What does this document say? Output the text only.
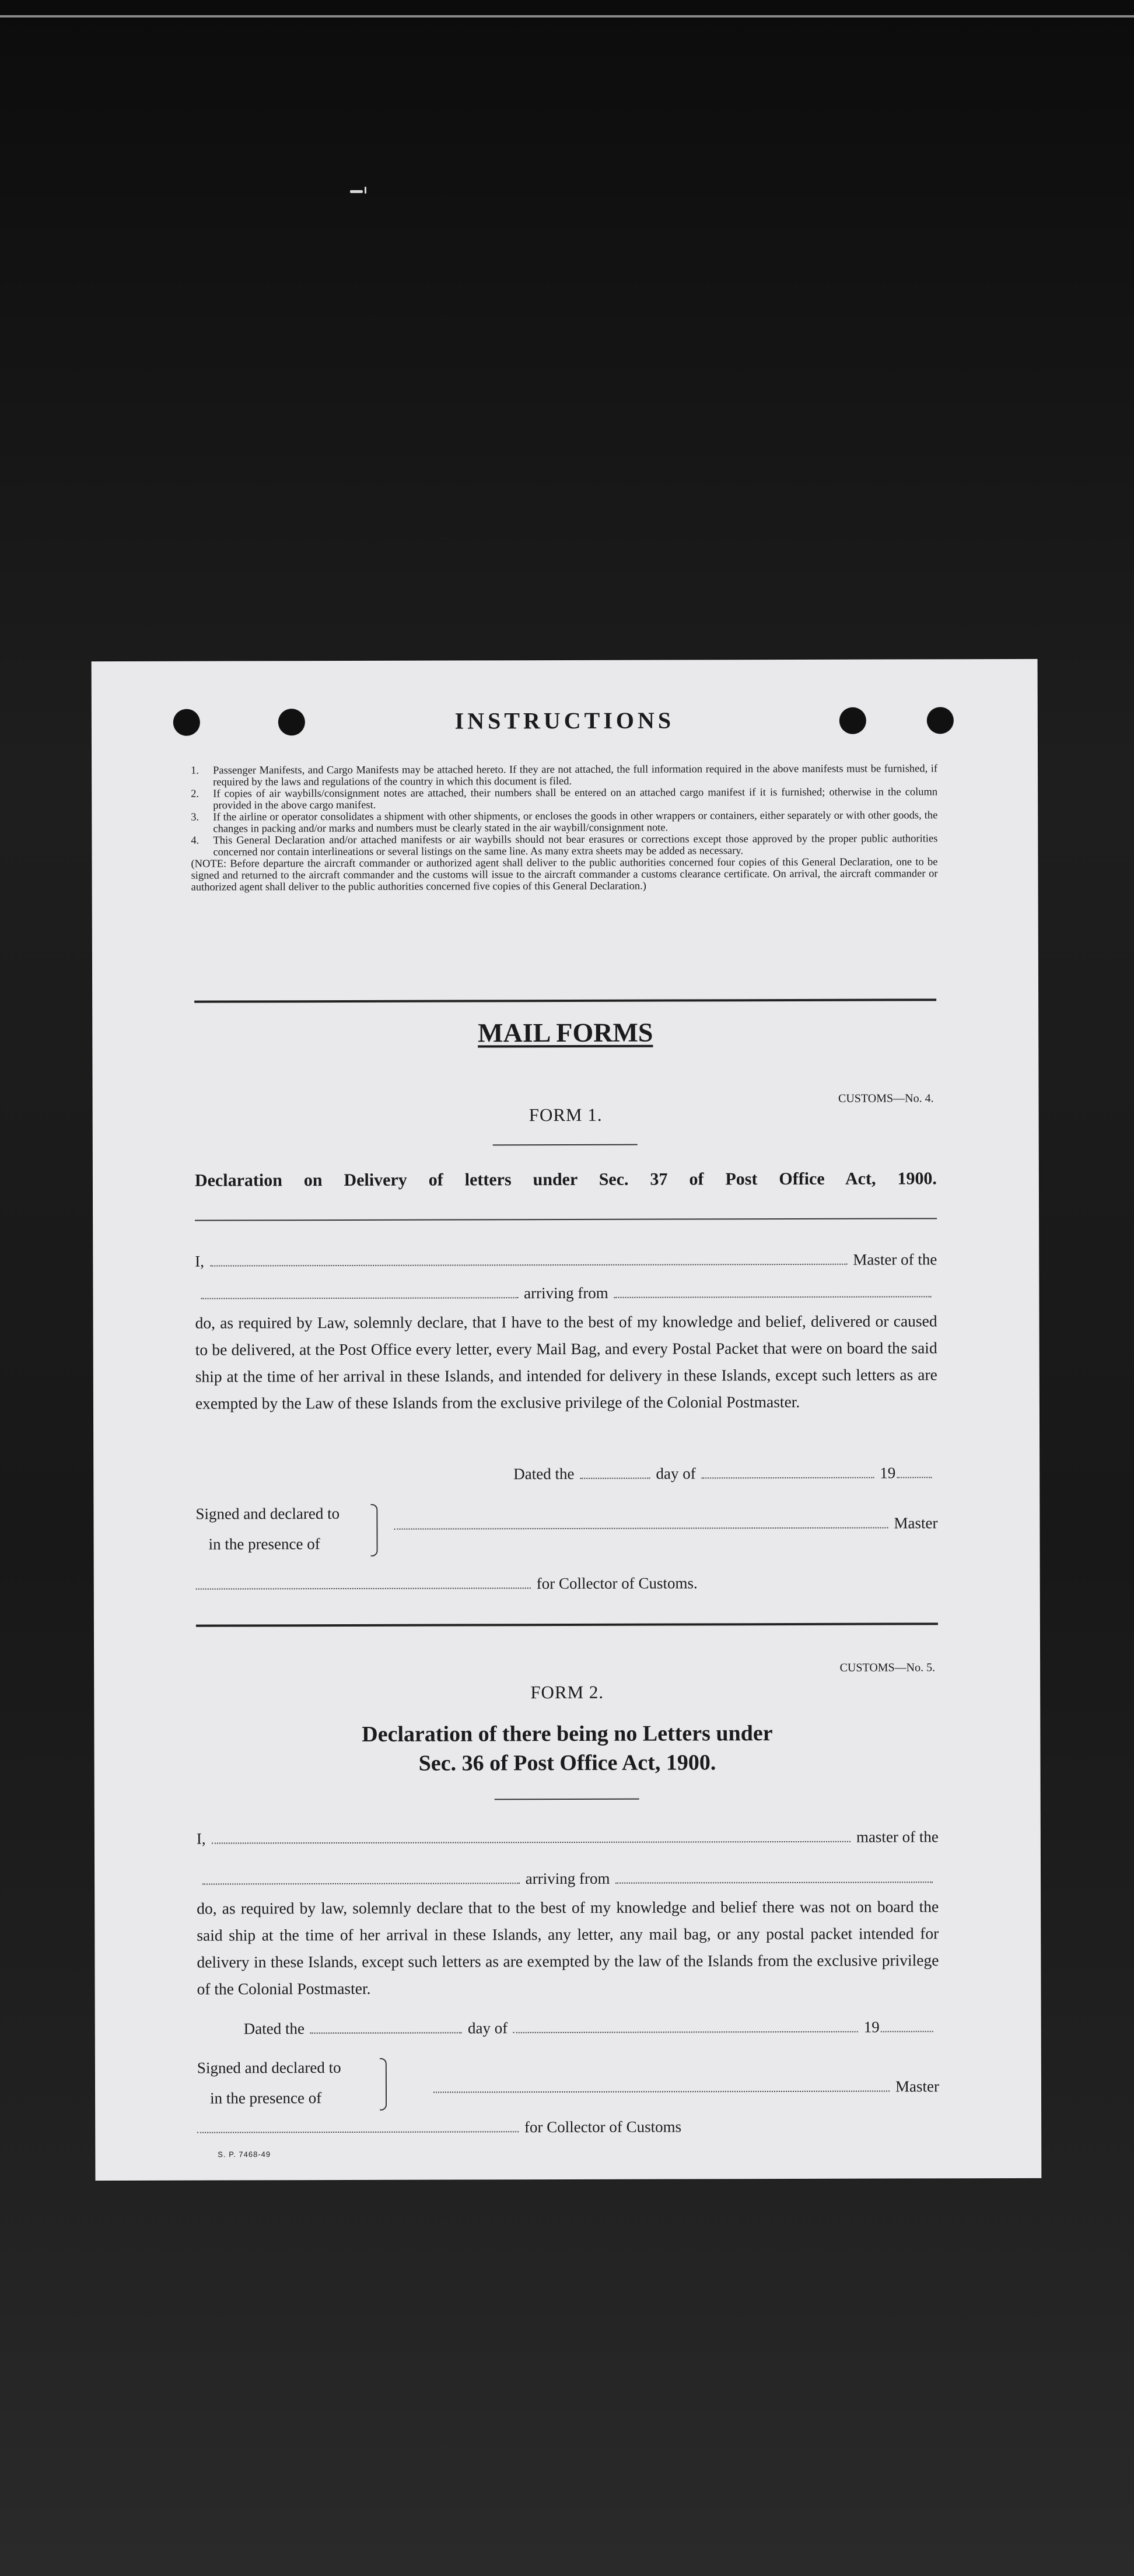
INSTRUCTIONS
1.	Passenger Manifests, and Cargo Manifests may be attached hereto. If they are not attached, the full information required in the above manifests must be furnished, if required by the laws and regulations of the country in which this document is filed.
2.	If copies of air waybills/consignment notes are attached, their numbers shall be entered on an attached cargo manifest if it is furnished; otherwise in the column provided in the above cargo manifest.
3.	If the airline or operator consolidates a shipment with other shipments, or encloses the goods in other wrappers or containers, either separately or with other goods, the changes in packing and/or marks and numbers must be clearly stated in the air waybill/consignment note.
4.	This General Declaration and/or attached manifests or air waybills should not bear erasures or corrections except those approved by the proper public authorities concerned nor contain interlineations or several listings on the same line. As many extra sheets may be added as necessary.
(NOTE: Before departure the aircraft commander or authorized agent shall deliver to the public authorities concerned four copies of this General Declaration, one to be signed and returned to the aircraft commander and the customs will issue to the aircraft commander a customs clearance certificate. On arrival, the aircraft commander or authorized agent shall deliver to the public authorities concerned five copies of this General Declaration.)
MAIL FORMS
CUSTOMS—No. 4.
FORM 1.
Declaration on Delivery of letters under Sec. 37 of Post Office Act, 1900.
I,	Master of the
arriving from
do, as required by Law, solemnly declare, that I have to the best of my knowledge and belief, delivered or caused to be delivered, at the Post Office every letter, every Mail Bag, and every Postal Packet that were on board the said ship at the time of her arrival in these Islands, and intended for delivery in these Islands, except such letters as are exempted by the Law of these Islands from the exclusive privilege of the Colonial Postmaster.
Dated the	day of	19
Signed and declared to
in the presence of
Master
for Collector of Customs.
CUSTOMS—No. 5.
FORM 2.
Declaration of there being no Letters under
Sec. 36 of Post Office Act, 1900.
I,	master of the
arriving from
do, as required by law, solemnly declare that to the best of my knowledge and belief there was not on board the said ship at the time of her arrival in these Islands, any letter, any mail bag, or any postal packet intended for delivery in these Islands, except such letters as are exempted by the law of the Islands from the exclusive privilege of the Colonial Postmaster.
Dated the	day of	19
Signed and declared to
in the presence of
Master
for Collector of Customs
S. P. 7468-49
